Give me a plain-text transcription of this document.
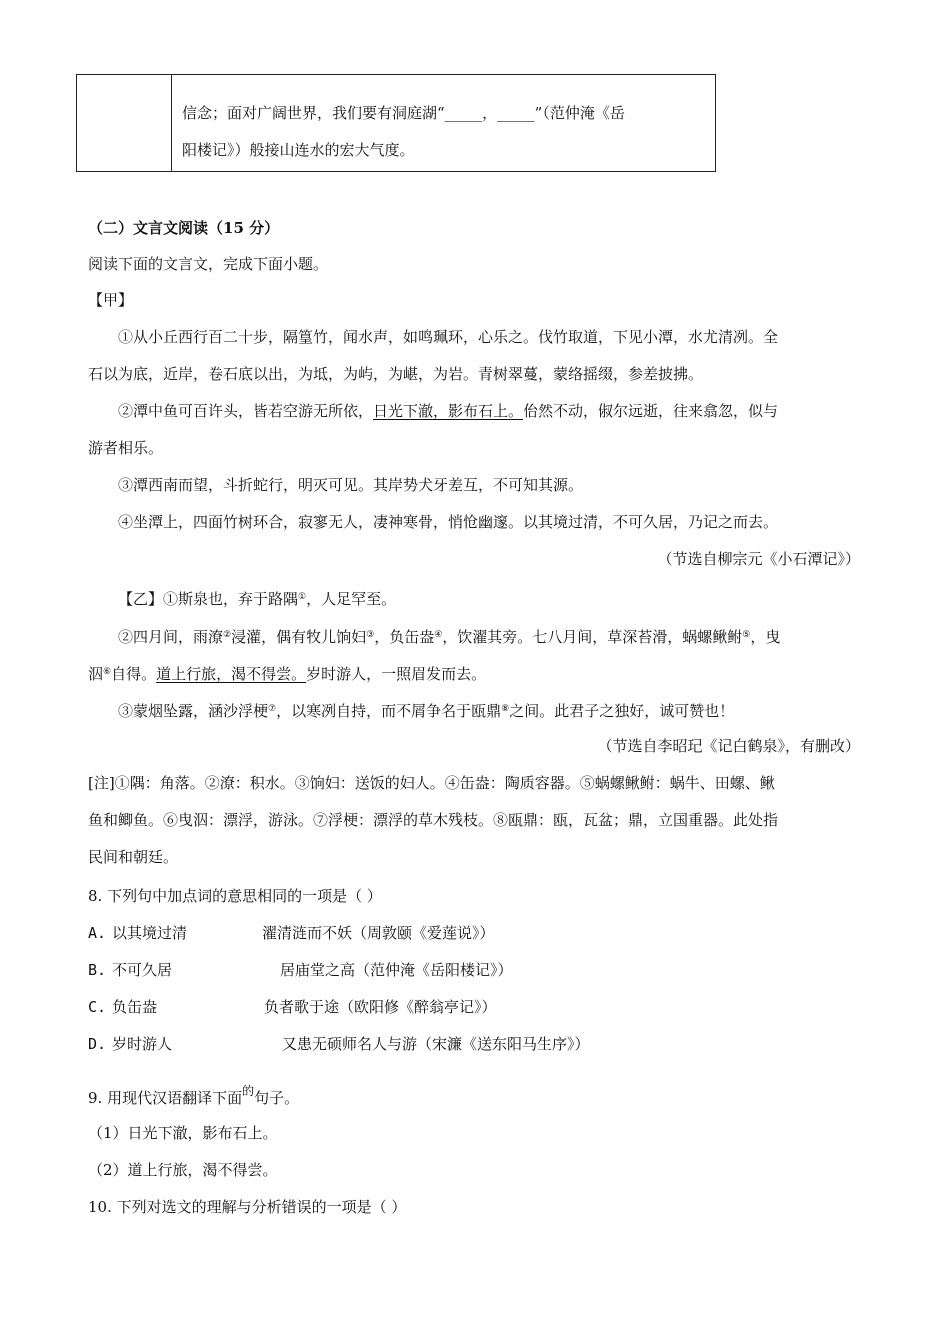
信念；面对广阔世界，我们要有洞庭湖“_____，_____”（范仲淹《岳
阳楼记》）般接山连水的宏大气度。
（二）文言文阅读（15 分）
阅读下面的文言文，完成下面小题。
【甲】
①从小丘西行百二十步，隔篁竹，闻水声，如鸣珮环，心乐之。伐竹取道，下见小潭，水尤清冽。全
石以为底，近岸，卷石底以出，为坻，为屿，为嵁，为岩。青树翠蔓，蒙络摇缀，参差披拂。
②潭中鱼可百许头，皆若空游无所依，日光下澈，影布石上。佁然不动，俶尔远逝，往来翕忽，似与
游者相乐。
③潭西南而望，斗折蛇行，明灭可见。其岸势犬牙差互，不可知其源。
④坐潭上，四面竹树环合，寂寥无人，凄神寒骨，悄怆幽邃。以其境过清，不可久居，乃记之而去。
（节选自柳宗元《小石潭记》）
【乙】①斯泉也，弃于路隅①，人足罕至。
②四月间，雨潦②浸灌，偶有牧儿饷妇③，负缶盎④，饮濯其旁。七八月间，草深苔滑，蜗螺鳅鲋⑤，曳
泅⑥自得。道上行旅，渴不得尝。岁时游人，一照眉发而去。
③蒙烟坠露，涵沙浮梗⑦，以寒冽自持，而不屑争名于瓯鼎⑧之间。此君子之独好，诚可赞也！
（节选自李昭玘《记白鹤泉》，有删改）
[注]①隅：角落。②潦：积水。③饷妇：送饭的妇人。④缶盎：陶质容器。⑤蜗螺鳅鲋：蜗牛、田螺、鳅
鱼和鲫鱼。⑥曳泅：漂浮，游泳。⑦浮梗：漂浮的草木残枝。⑧瓯鼎：瓯，瓦盆；鼎，立国重器。此处指
民间和朝廷。
8. 下列句中加点词的意思相同的一项是（ ）
A. 以其境过清	濯清涟而不妖（周敦颐《爱莲说》）
B. 不可久居	居庙堂之高（范仲淹《岳阳楼记》）
C. 负缶盎	负者歌于途（欧阳修《醉翁亭记》）
D. 岁时游人	又患无硕师名人与游（宋濂《送东阳马生序》）
9. 用现代汉语翻译下面$^的$句子。
（1）日光下澈，影布石上。
（2）道上行旅，渴不得尝。
10. 下列对选文的理解与分析错误的一项是（ ）
